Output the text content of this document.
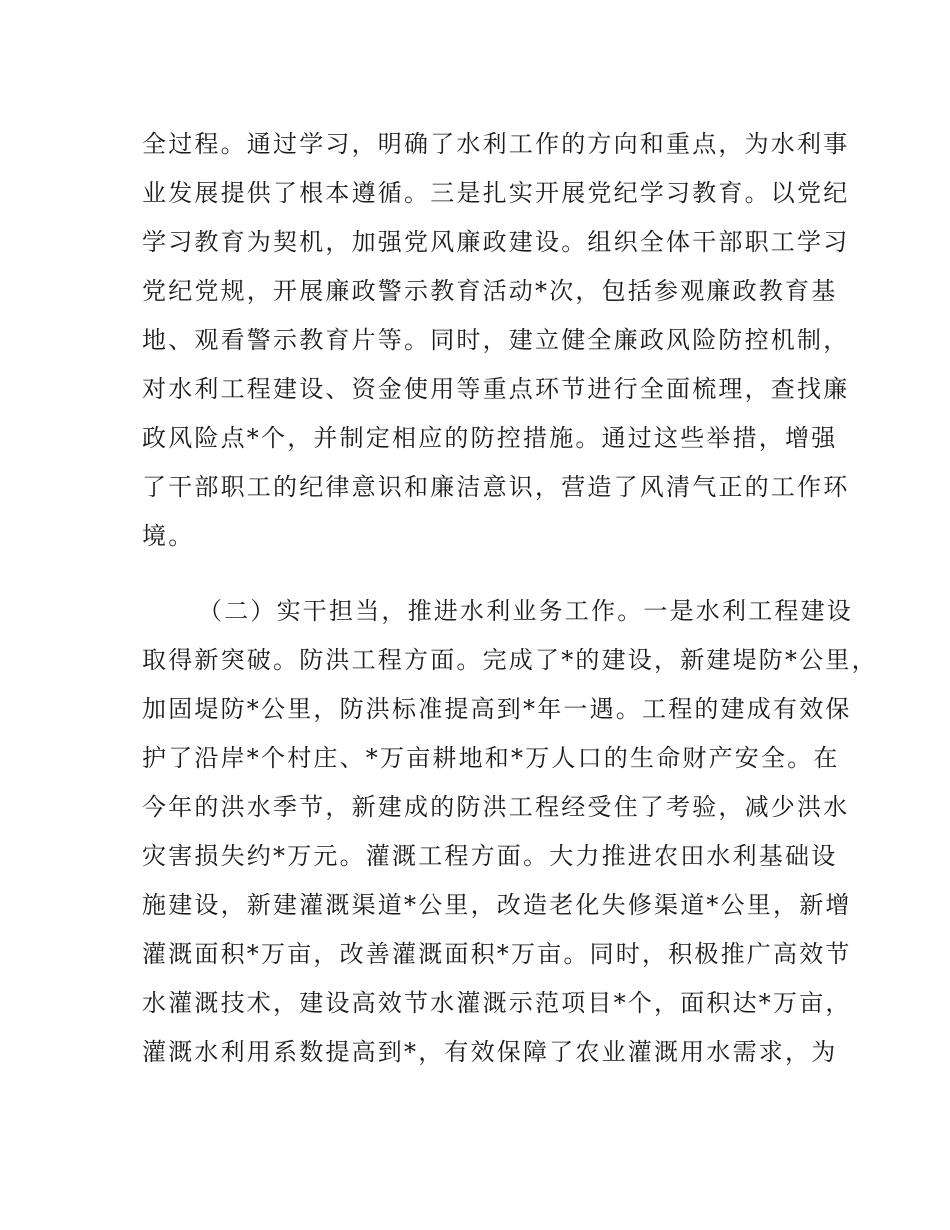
全过程。通过学习，明确了水利工作的方向和重点，为水利事
业发展提供了根本遵循。三是扎实开展党纪学习教育。以党纪
学习教育为契机，加强党风廉政建设。组织全体干部职工学习
党纪党规，开展廉政警示教育活动*次，包括参观廉政教育基
地、观看警示教育片等。同时，建立健全廉政风险防控机制，
对水利工程建设、资金使用等重点环节进行全面梳理，查找廉
政风险点*个，并制定相应的防控措施。通过这些举措，增强
了干部职工的纪律意识和廉洁意识，营造了风清气正的工作环
境。
（二）实干担当，推进水利业务工作。一是水利工程建设
取得新突破。防洪工程方面。完成了*的建设，新建堤防*公里，
加固堤防*公里，防洪标准提高到*年一遇。工程的建成有效保
护了沿岸*个村庄、*万亩耕地和*万人口的生命财产安全。在
今年的洪水季节，新建成的防洪工程经受住了考验，减少洪水
灾害损失约*万元。灌溉工程方面。大力推进农田水利基础设
施建设，新建灌溉渠道*公里，改造老化失修渠道*公里，新增
灌溉面积*万亩，改善灌溉面积*万亩。同时，积极推广高效节
水灌溉技术，建设高效节水灌溉示范项目*个，面积达*万亩，
灌溉水利用系数提高到*，有效保障了农业灌溉用水需求，为
